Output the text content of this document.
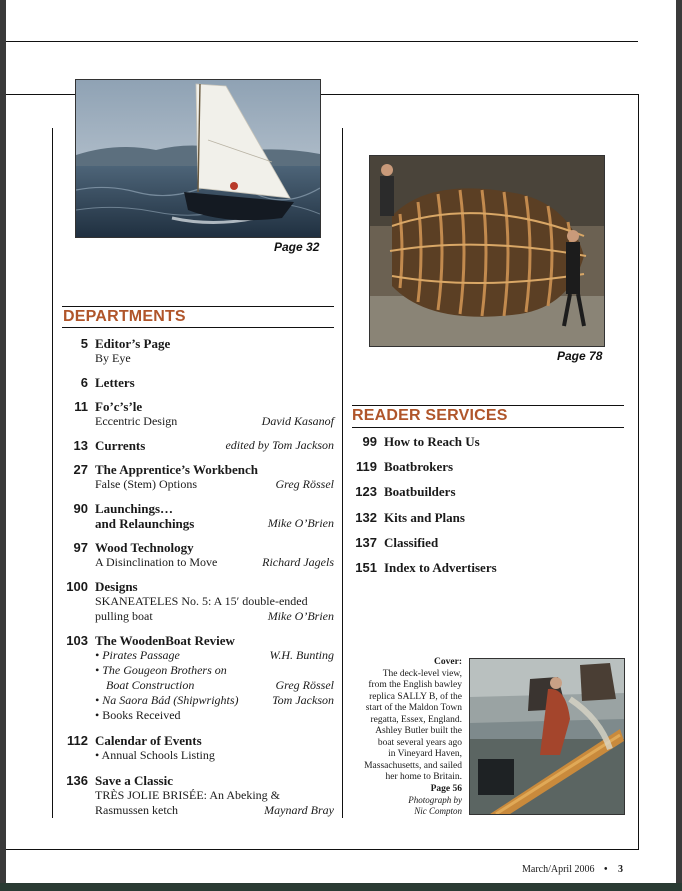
Page 32
Page 78
DEPARTMENTS
5 Editor’s Page
By Eye
6 Letters
11 Fo’c’s’le
Eccentric Design	David Kasanof
13 Currents	edited by Tom Jackson
27 The Apprentice’s Workbench
False (Stem) Options	Greg Rössel
90 Launchings…
and Relaunchings	Mike O’Brien
97 Wood Technology
A Disinclination to Move	Richard Jagels
100 Designs
SKANEATELES No. 5: A 15′ double-ended
pulling boat	Mike O’Brien
103 The WoodenBoat Review
• Pirates Passage	W.H. Bunting
• The Gougeon Brothers on
Boat Construction	Greg Rössel
• Na Saora Bád (Shipwrights)	Tom Jackson
• Books Received
112 Calendar of Events
• Annual Schools Listing
136 Save a Classic
TRÈS JOLIE BRISÉE: An Abeking &
Rasmussen ketch	Maynard Bray
READER SERVICES
99 How to Reach Us
119 Boatbrokers
123 Boatbuilders
132 Kits and Plans
137 Classified
151 Index to Advertisers
Cover:
The deck-level view,
from the English bawley
replica SALLY B, of the
start of the Maldon Town
regatta, Essex, England.
Ashley Butler built the
boat several years ago
in Vineyard Haven,
Massachusetts, and sailed
her home to Britain.
Page 56
Photograph by
Nic Compton
March/April 2006 • 3
